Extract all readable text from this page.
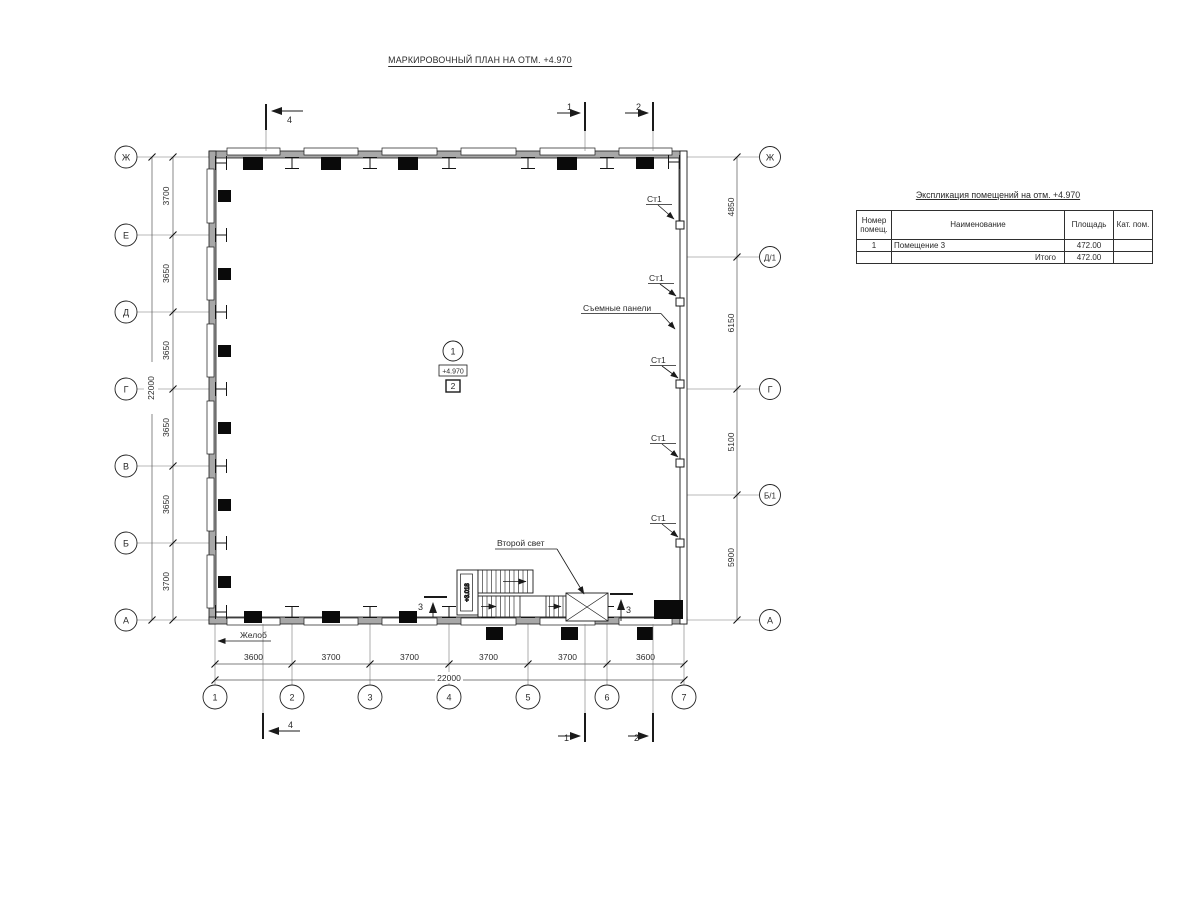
МАРКИРОВОЧНЫЙ ПЛАН НА ОТМ. +4.970
+3.018
3700
3650
3650
3650
3650
3700
22000
3600	3700	3700	3700	3700	3600
22000
4850
6150
5100
5900
Ж
Е
Д
Г
В
Б
А
Ж
Д/1
Г
Б/1
А
1	2	3	4	5	6	7
4
1	2
4
1	2
3	3
1
+4.970
2
Ст1
Ст1
Ст1
Ст1
Ст1
Съемные панели
Второй свет
Желоб

Экспликация помещений на отм. +4.970

Номер помещ.	Наименование	Площадь	Кат. пом.
1	Помещение 3	472.00	
	Итого	472.00	
